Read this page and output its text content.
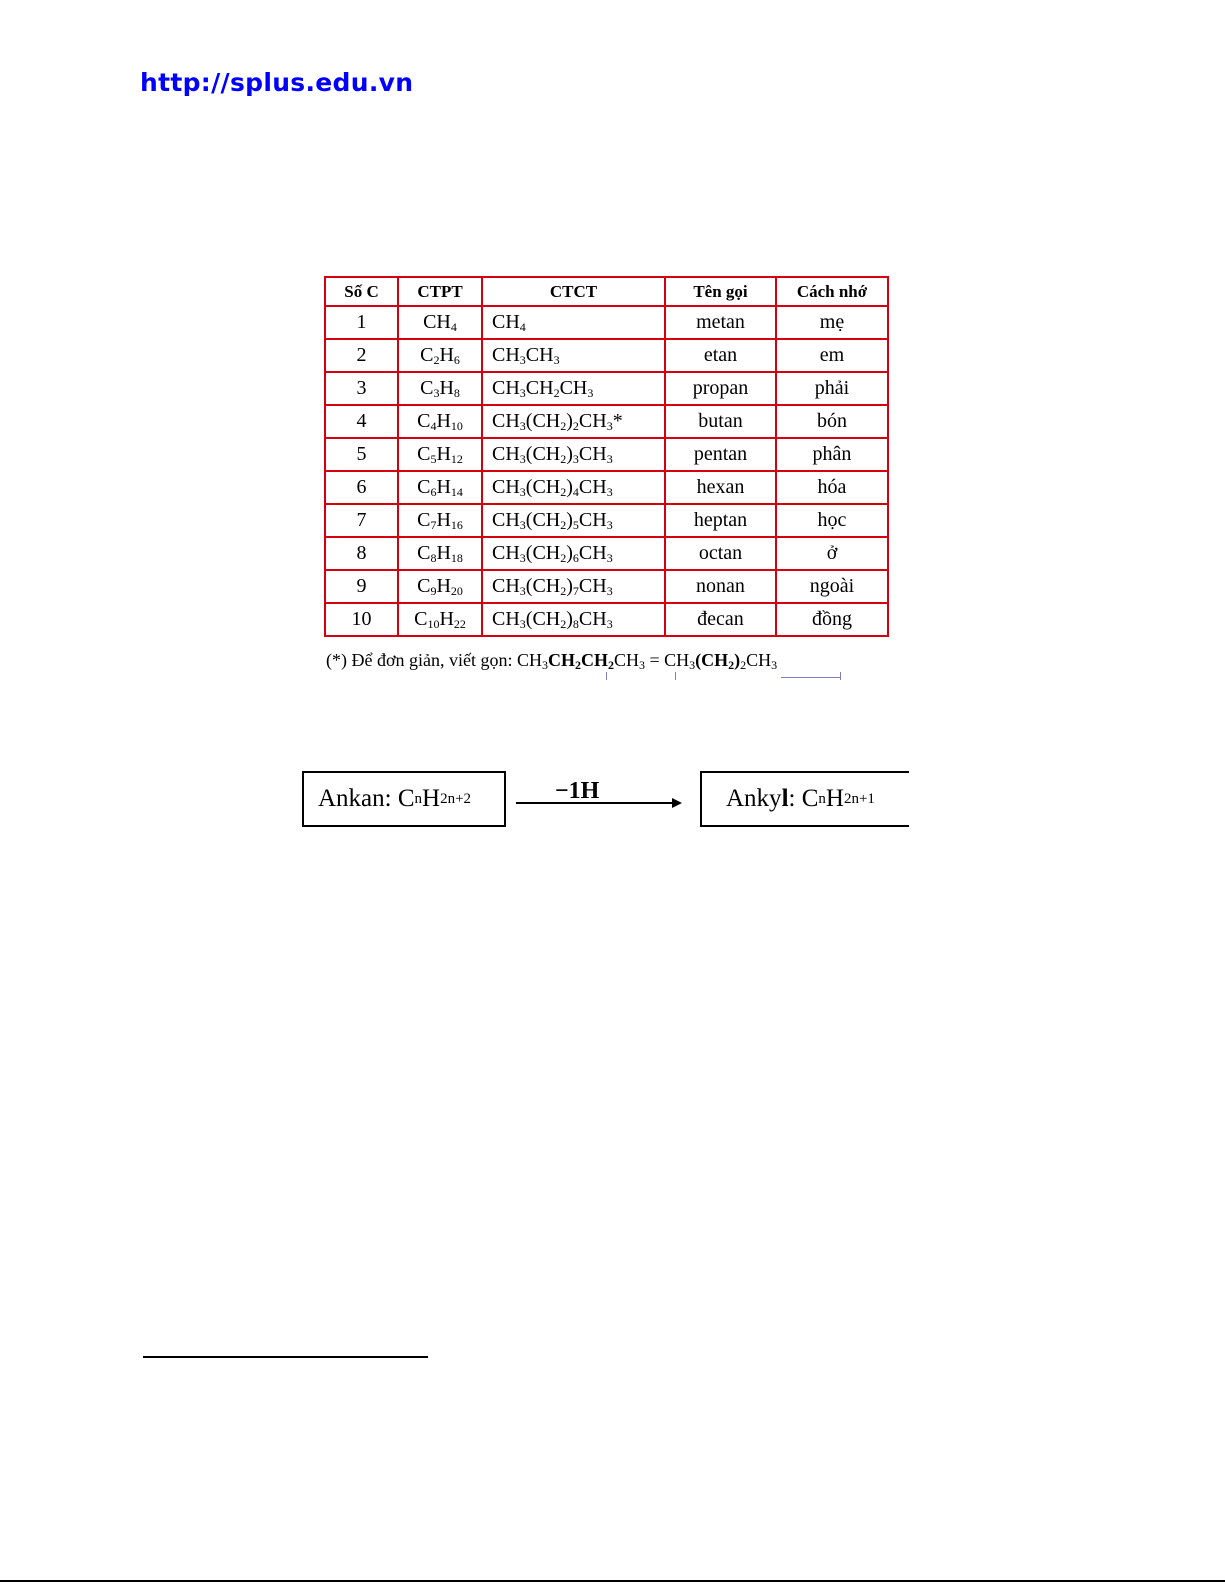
http://splus.edu.vn
Số C	CTPT	CTCT	Tên gọi	Cách nhớ
1	$CH_4$	$CH_4$	metan	mẹ
2	$C_2H_6$	$CH_3CH_3$	etan	em
3	$C_3H_8$	$CH_3CH_2CH_3$	propan	phải
4	$C_4H_{10}$	$CH_3(CH_2)_2CH_3*$	butan	bón
5	$C_5H_{12}$	$CH_3(CH_2)_3CH_3$	pentan	phân
6	$C_6H_{14}$	$CH_3(CH_2)_4CH_3$	hexan	hóa
7	$C_7H_{16}$	$CH_3(CH_2)_5CH_3$	heptan	học
8	$C_8H_{18}$	$CH_3(CH_2)_6CH_3$	octan	ở
9	$C_9H_{20}$	$CH_3(CH_2)_7CH_3$	nonan	ngoài
10	$C_{10}H_{22}$	$CH_3(CH_2)_8CH_3$	đecan	đồng
(*) Để đơn giản, viết gọn: $CH_3CH_2CH_2CH_3 = CH_3(CH_2)_2CH_3$
Ankan: C n H 2n+2	−1H	Anky l : C n H 2n+1
